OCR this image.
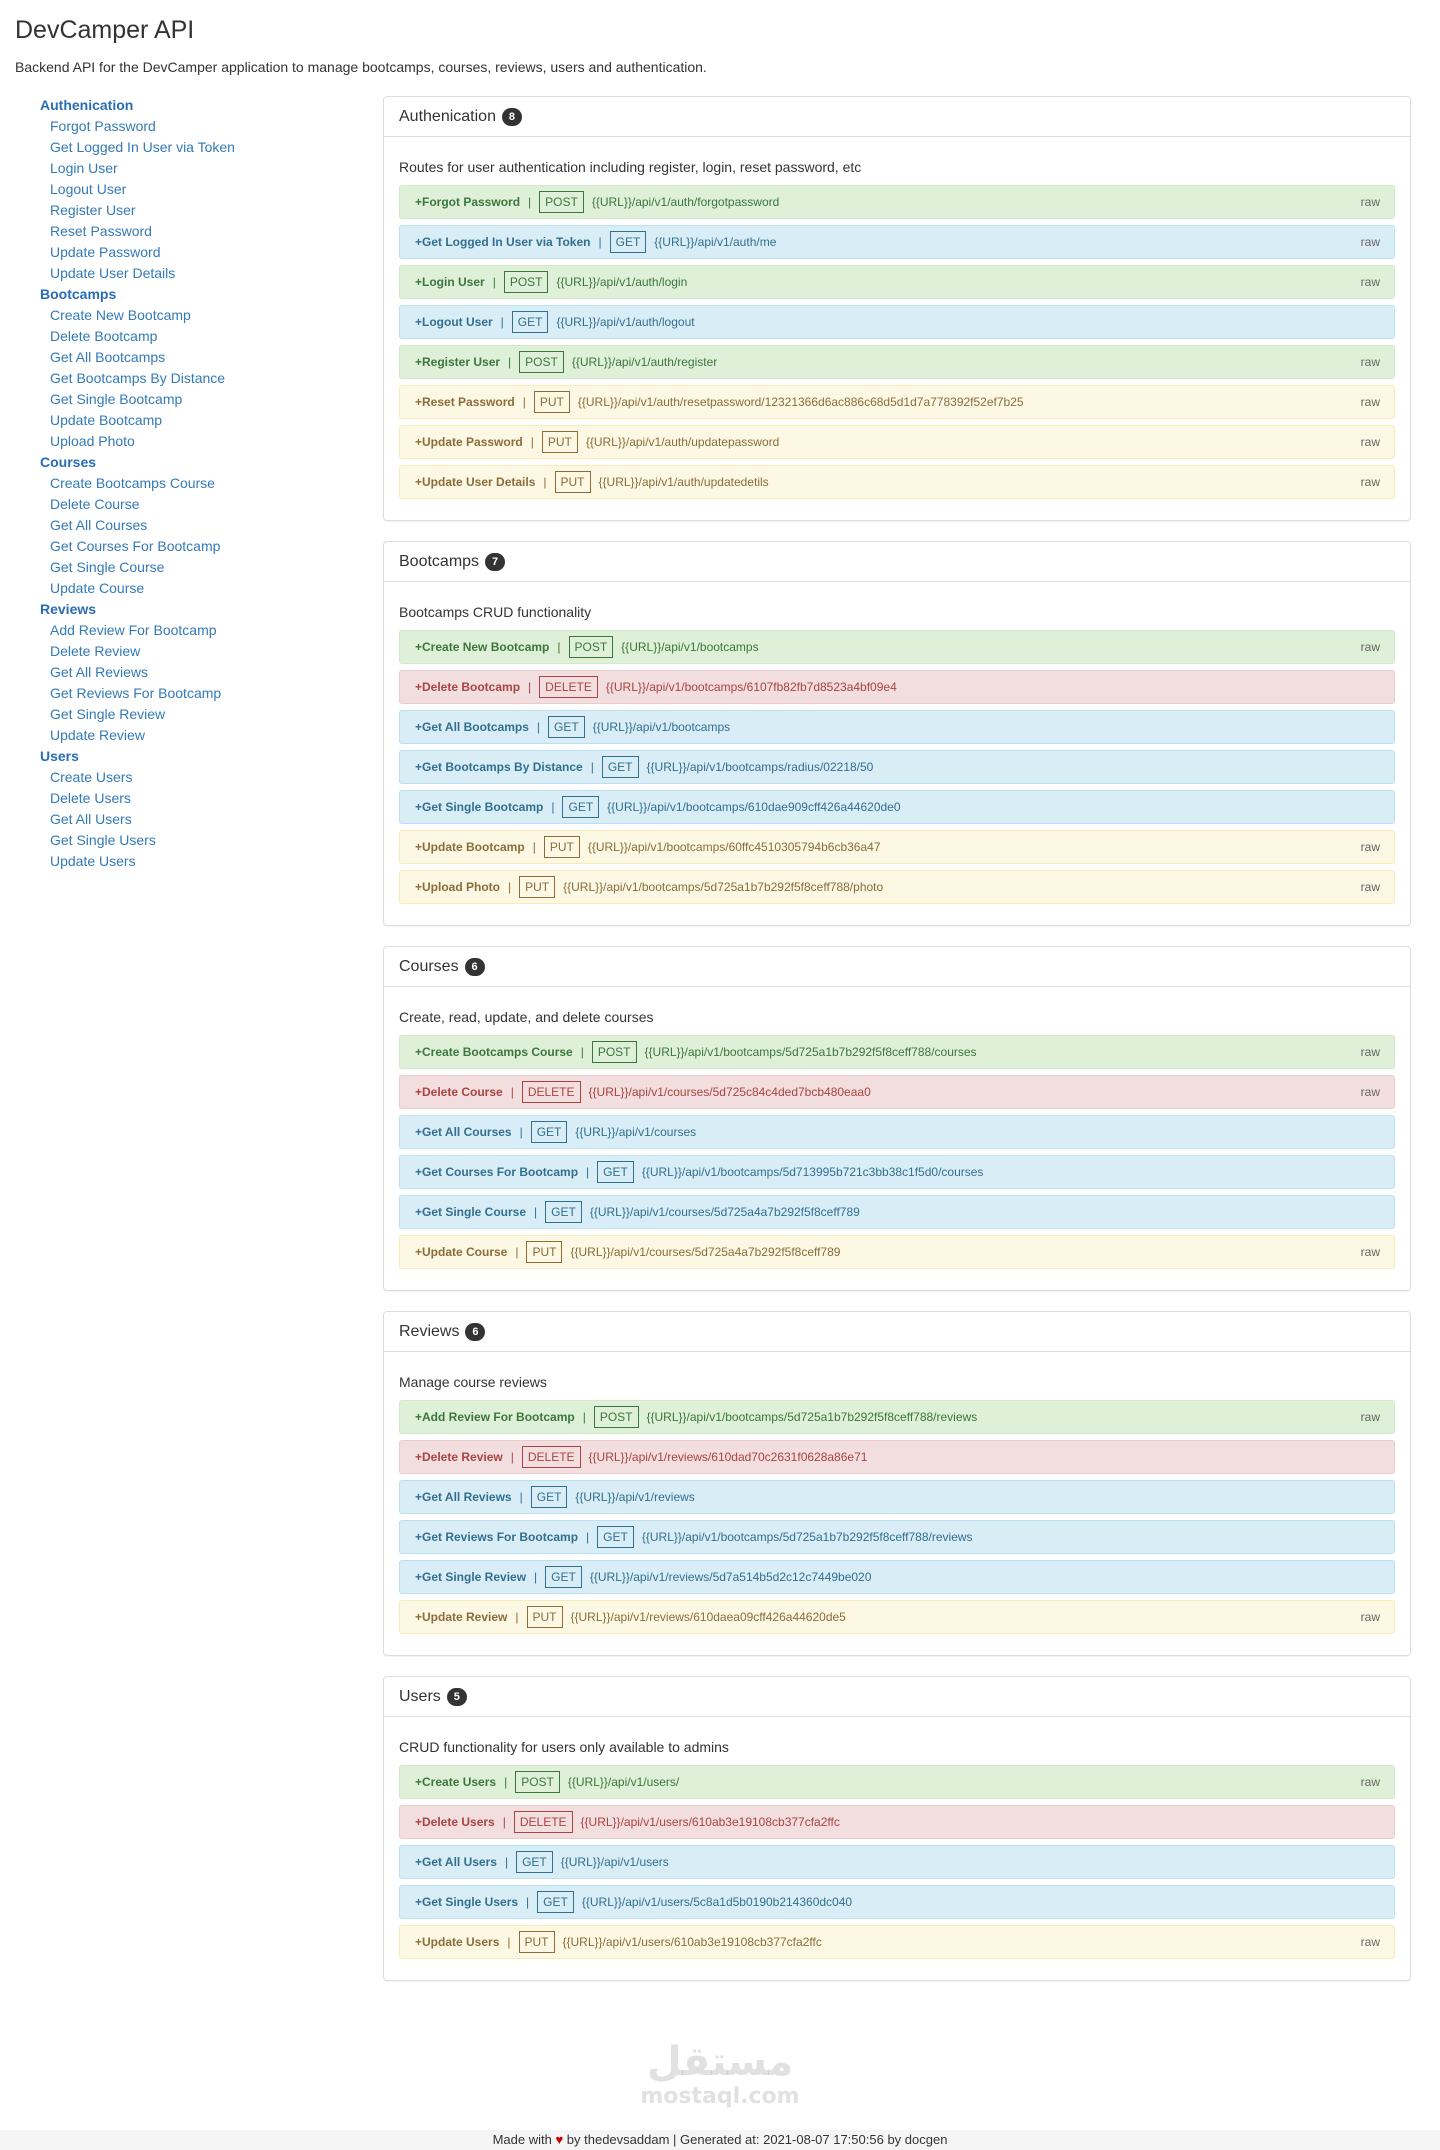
DevCamper API

Backend API for the DevCamper application to manage bootcamps, courses, reviews, users and authentication.

Authenication
Forgot Password
Get Logged In User via Token
Login User
Logout User
Register User
Reset Password
Update Password
Update User Details
Bootcamps
Create New Bootcamp
Delete Bootcamp
Get All Bootcamps
Get Bootcamps By Distance
Get Single Bootcamp
Update Bootcamp
Upload Photo
Courses
Create Bootcamps Course
Delete Course
Get All Courses
Get Courses For Bootcamp
Get Single Course
Update Course
Reviews
Add Review For Bootcamp
Delete Review
Get All Reviews
Get Reviews For Bootcamp
Get Single Review
Update Review
Users
Create Users
Delete Users
Get All Users
Get Single Users
Update Users
Authenication	8

Routes for user authentication including register, login, reset password, etc

+Forgot Password |	POST	{{URL}}/api/v1/auth/forgotpassword	raw
+Get Logged In User via Token |	GET	{{URL}}/api/v1/auth/me	raw
+Login User |	POST	{{URL}}/api/v1/auth/login	raw
+Logout User |	GET	{{URL}}/api/v1/auth/logout
+Register User |	POST	{{URL}}/api/v1/auth/register	raw
+Reset Password |	PUT	{{URL}}/api/v1/auth/resetpassword/12321366d6ac886c68d5d1d7a778392f52ef7b25	raw
+Update Password |	PUT	{{URL}}/api/v1/auth/updatepassword	raw
+Update User Details |	PUT	{{URL}}/api/v1/auth/updatedetils	raw
Bootcamps	7

Bootcamps CRUD functionality

+Create New Bootcamp |	POST	{{URL}}/api/v1/bootcamps	raw
+Delete Bootcamp |	DELETE	{{URL}}/api/v1/bootcamps/6107fb82fb7d8523a4bf09e4
+Get All Bootcamps |	GET	{{URL}}/api/v1/bootcamps
+Get Bootcamps By Distance |	GET	{{URL}}/api/v1/bootcamps/radius/02218/50
+Get Single Bootcamp |	GET	{{URL}}/api/v1/bootcamps/610dae909cff426a44620de0
+Update Bootcamp |	PUT	{{URL}}/api/v1/bootcamps/60ffc4510305794b6cb36a47	raw
+Upload Photo |	PUT	{{URL}}/api/v1/bootcamps/5d725a1b7b292f5f8ceff788/photo	raw
Courses	6

Create, read, update, and delete courses

+Create Bootcamps Course |	POST	{{URL}}/api/v1/bootcamps/5d725a1b7b292f5f8ceff788/courses	raw
+Delete Course |	DELETE	{{URL}}/api/v1/courses/5d725c84c4ded7bcb480eaa0	raw
+Get All Courses |	GET	{{URL}}/api/v1/courses
+Get Courses For Bootcamp |	GET	{{URL}}/api/v1/bootcamps/5d713995b721c3bb38c1f5d0/courses
+Get Single Course |	GET	{{URL}}/api/v1/courses/5d725a4a7b292f5f8ceff789
+Update Course |	PUT	{{URL}}/api/v1/courses/5d725a4a7b292f5f8ceff789	raw
Reviews	6

Manage course reviews

+Add Review For Bootcamp |	POST	{{URL}}/api/v1/bootcamps/5d725a1b7b292f5f8ceff788/reviews	raw
+Delete Review |	DELETE	{{URL}}/api/v1/reviews/610dad70c2631f0628a86e71
+Get All Reviews |	GET	{{URL}}/api/v1/reviews
+Get Reviews For Bootcamp |	GET	{{URL}}/api/v1/bootcamps/5d725a1b7b292f5f8ceff788/reviews
+Get Single Review |	GET	{{URL}}/api/v1/reviews/5d7a514b5d2c12c7449be020
+Update Review |	PUT	{{URL}}/api/v1/reviews/610daea09cff426a44620de5	raw
Users	5

CRUD functionality for users only available to admins

+Create Users |	POST	{{URL}}/api/v1/users/	raw
+Delete Users |	DELETE	{{URL}}/api/v1/users/610ab3e19108cb377cfa2ffc
+Get All Users |	GET	{{URL}}/api/v1/users
+Get Single Users |	GET	{{URL}}/api/v1/users/5c8a1d5b0190b214360dc040
+Update Users |	PUT	{{URL}}/api/v1/users/610ab3e19108cb377cfa2ffc	raw
مستقل
mostaql.com
Made with ♥ by thedevsaddam | Generated at: 2021-08-07 17:50:56 by docgen
